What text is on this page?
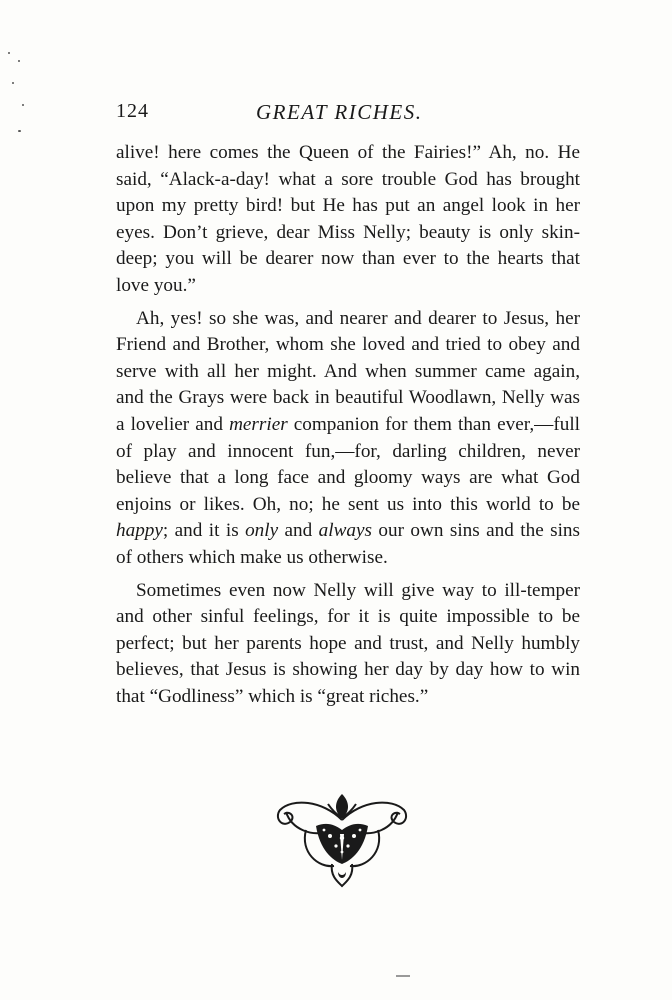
124	GREAT RICHES.

alive! here comes the Queen of the Fairies!” Ah, no. He said, “Alack-a-day! what a sore trouble God has brought upon my pretty bird! but He has put an angel look in her eyes. Don’t grieve, dear Miss Nelly; beauty is only skin-deep; you will be dearer now than ever to the hearts that love you.”

Ah, yes! so she was, and nearer and dearer to Jesus, her Friend and Brother, whom she loved and tried to obey and serve with all her might. And when summer came again, and the Grays were back in beautiful Woodlawn, Nelly was a lovelier and merrier companion for them than ever,—full of play and innocent fun,—for, darling children, never believe that a long face and gloomy ways are what God enjoins or likes. Oh, no; he sent us into this world to be happy; and it is only and always our own sins and the sins of others which make us otherwise.

Sometimes even now Nelly will give way to ill-temper and other sinful feelings, for it is quite impossible to be perfect; but her parents hope and trust, and Nelly humbly believes, that Jesus is showing her day by day how to win that “Godliness” which is “great riches.”
